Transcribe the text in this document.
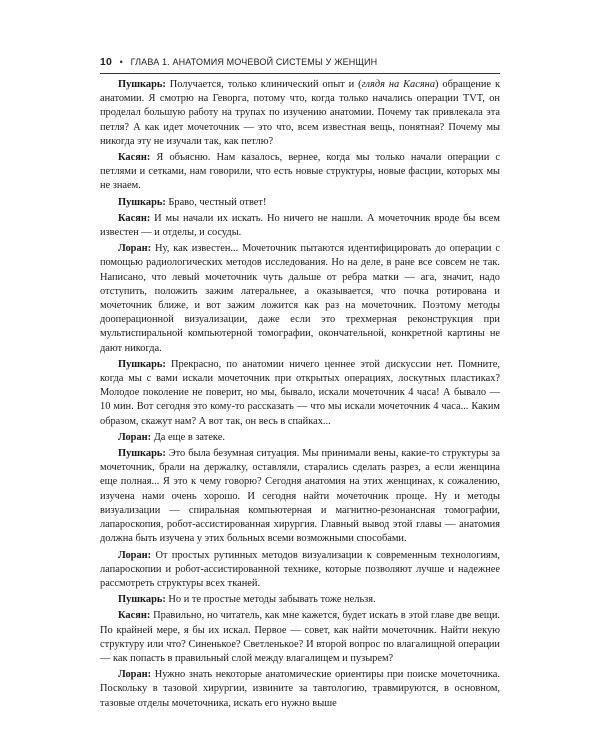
10 • ГЛАВА 1. АНАТОМИЯ МОЧЕВОЙ СИСТЕМЫ У ЖЕНЩИН

Пушкарь: Получается, только клинический опыт и (глядя на Касяна) обращение к анатомии. Я смотрю на Геворга, потому что, когда только начались операции TVT, он проделал большую работу на трупах по изучению анатомии. Почему так привлекала эта петля? А как идет мочеточник — это что, всем известная вещь, понятная? Почему мы никогда эту не изучали так, как петлю?

Касян: Я объясню. Нам казалось, вернее, когда мы только начали операции с петлями и сетками, нам говорили, что есть новые структуры, новые фасции, которых мы не знаем.

Пушкарь: Браво, честный ответ!

Касян: И мы начали их искать. Но ничего не нашли. А мочеточник вроде бы всем известен — и отделы, и сосуды.

Лоран: Ну, как известен... Мочеточник пытаются идентифицировать до операции с помощью радиологических методов исследования. Но на деле, в ране все совсем не так. Написано, что левый мочеточник чуть дальше от ребра матки — ага, значит, надо отступить, положить зажим латеральнее, а оказывается, что почка ротирована и мочеточник ближе, и вот зажим ложится как раз на мочеточник. Поэтому методы дооперационной визуализации, даже если это трехмерная реконструкция при мультиспиральной компьютерной томографии, окончательной, конкретной картины не дают никогда.

Пушкарь: Прекрасно, по анатомии ничего ценнее этой дискуссии нет. Помните, когда мы с вами искали мочеточник при открытых операциях, лоскутных пластиках? Молодое поколение не поверит, но мы, бывало, искали мочеточник 4 часа! А бывало — 10 мин. Вот сегодня это кому-то рассказать — что мы искали мочеточник 4 часа... Каким образом, скажут нам? А вот так, он весь в спайках...

Лоран: Да еще в затеке.

Пушкарь: Это была безумная ситуация. Мы принимали вены, какие-то структуры за мочеточник, брали на держалку, оставляли, старались сделать разрез, а если женщина еще полная... Я это к чему говорю? Сегодня анатомия на этих женщинах, к сожалению, изучена нами очень хорошо. И сегодня найти мочеточник проще. Ну и методы визуализации — спиральная компьютерная и магнитно-резонансная томографии, лапароскопия, робот-ассистированная хирургия. Главный вывод этой главы — анатомия должна быть изучена у этих больных всеми возможными способами.

Лоран: От простых рутинных методов визуализации к современным технологиям, лапароскопии и робот-ассистированной технике, которые позволяют лучше и надежнее рассмотреть структуры всех тканей.

Пушкарь: Но и те простые методы забывать тоже нельзя.

Касян: Правильно, но читатель, как мне кажется, будет искать в этой главе две вещи. По крайней мере, я бы их искал. Первое — совет, как найти мочеточник. Найти некую структуру или что? Синенькое? Светленькое? И второй вопрос по влагалищной операции — как попасть в правильный слой между влагалищем и пузырем?

Лоран: Нужно знать некоторые анатомические ориентиры при поиске мочеточника. Поскольку в тазовой хирургии, извините за тавтологию, травмируются, в основном, тазовые отделы мочеточника, искать его нужно выше
